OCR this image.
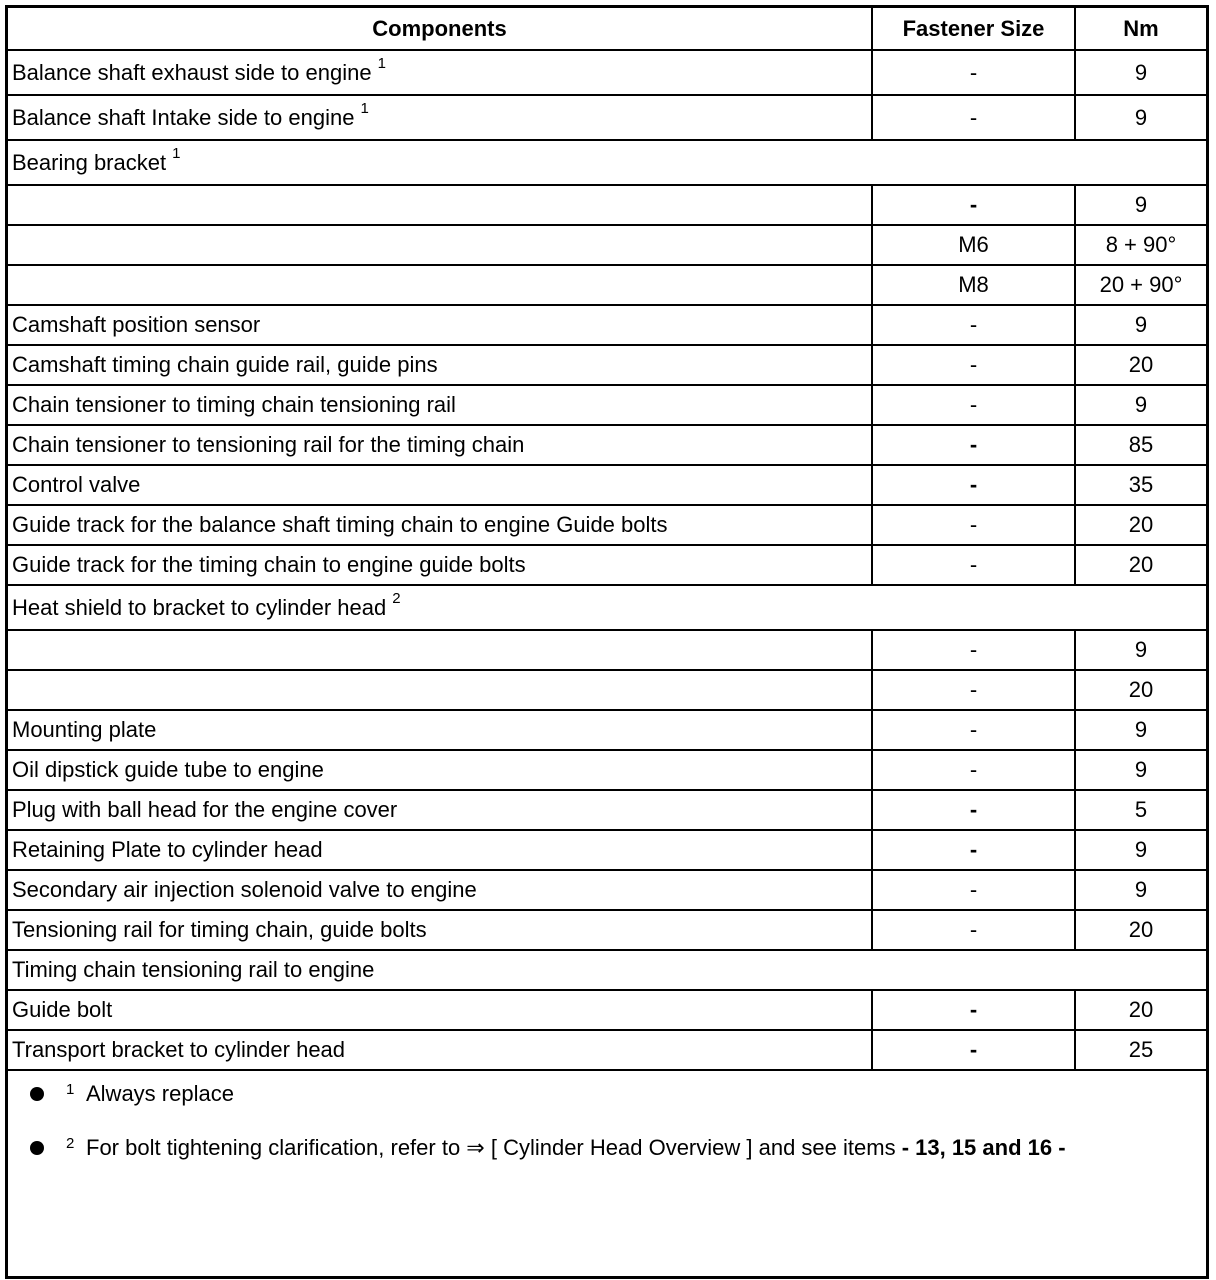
Components	Fastener Size	Nm
Balance shaft exhaust side to engine $^1$	-	9
Balance shaft Intake side to engine $^1$	-	9
Bearing bracket $^1$
	-	9
	M6	8 + 90°
	M8	20 + 90°
Camshaft position sensor	-	9
Camshaft timing chain guide rail, guide pins	-	20
Chain tensioner to timing chain tensioning rail	-	9
Chain tensioner to tensioning rail for the timing chain	-	85
Control valve	-	35
Guide track for the balance shaft timing chain to engine Guide bolts	-	20
Guide track for the timing chain to engine guide bolts	-	20
Heat shield to bracket to cylinder head $^2$
	-	9
	-	20
Mounting plate	-	9
Oil dipstick guide tube to engine	-	9
Plug with ball head for the engine cover	-	5
Retaining Plate to cylinder head	-	9
Secondary air injection solenoid valve to engine	-	9
Tensioning rail for timing chain, guide bolts	-	20
Timing chain tensioning rail to engine		
Guide bolt	-	20
Transport bracket to cylinder head	-	25
1 Always replace
2 For bolt tightening clarification, refer to ⇒ [ Cylinder Head Overview ] and see items - 13, 15 and 16 -
